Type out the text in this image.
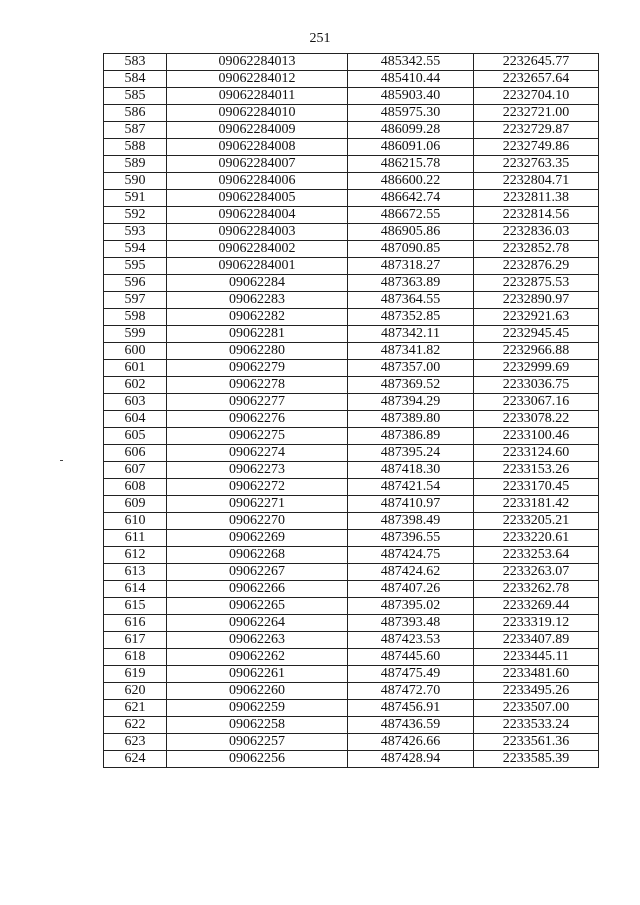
251
583	09062284013	485342.55	2232645.77
584	09062284012	485410.44	2232657.64
585	09062284011	485903.40	2232704.10
586	09062284010	485975.30	2232721.00
587	09062284009	486099.28	2232729.87
588	09062284008	486091.06	2232749.86
589	09062284007	486215.78	2232763.35
590	09062284006	486600.22	2232804.71
591	09062284005	486642.74	2232811.38
592	09062284004	486672.55	2232814.56
593	09062284003	486905.86	2232836.03
594	09062284002	487090.85	2232852.78
595	09062284001	487318.27	2232876.29
596	09062284	487363.89	2232875.53
597	09062283	487364.55	2232890.97
598	09062282	487352.85	2232921.63
599	09062281	487342.11	2232945.45
600	09062280	487341.82	2232966.88
601	09062279	487357.00	2232999.69
602	09062278	487369.52	2233036.75
603	09062277	487394.29	2233067.16
604	09062276	487389.80	2233078.22
605	09062275	487386.89	2233100.46
606	09062274	487395.24	2233124.60
607	09062273	487418.30	2233153.26
608	09062272	487421.54	2233170.45
609	09062271	487410.97	2233181.42
610	09062270	487398.49	2233205.21
611	09062269	487396.55	2233220.61
612	09062268	487424.75	2233253.64
613	09062267	487424.62	2233263.07
614	09062266	487407.26	2233262.78
615	09062265	487395.02	2233269.44
616	09062264	487393.48	2233319.12
617	09062263	487423.53	2233407.89
618	09062262	487445.60	2233445.11
619	09062261	487475.49	2233481.60
620	09062260	487472.70	2233495.26
621	09062259	487456.91	2233507.00
622	09062258	487436.59	2233533.24
623	09062257	487426.66	2233561.36
624	09062256	487428.94	2233585.39
